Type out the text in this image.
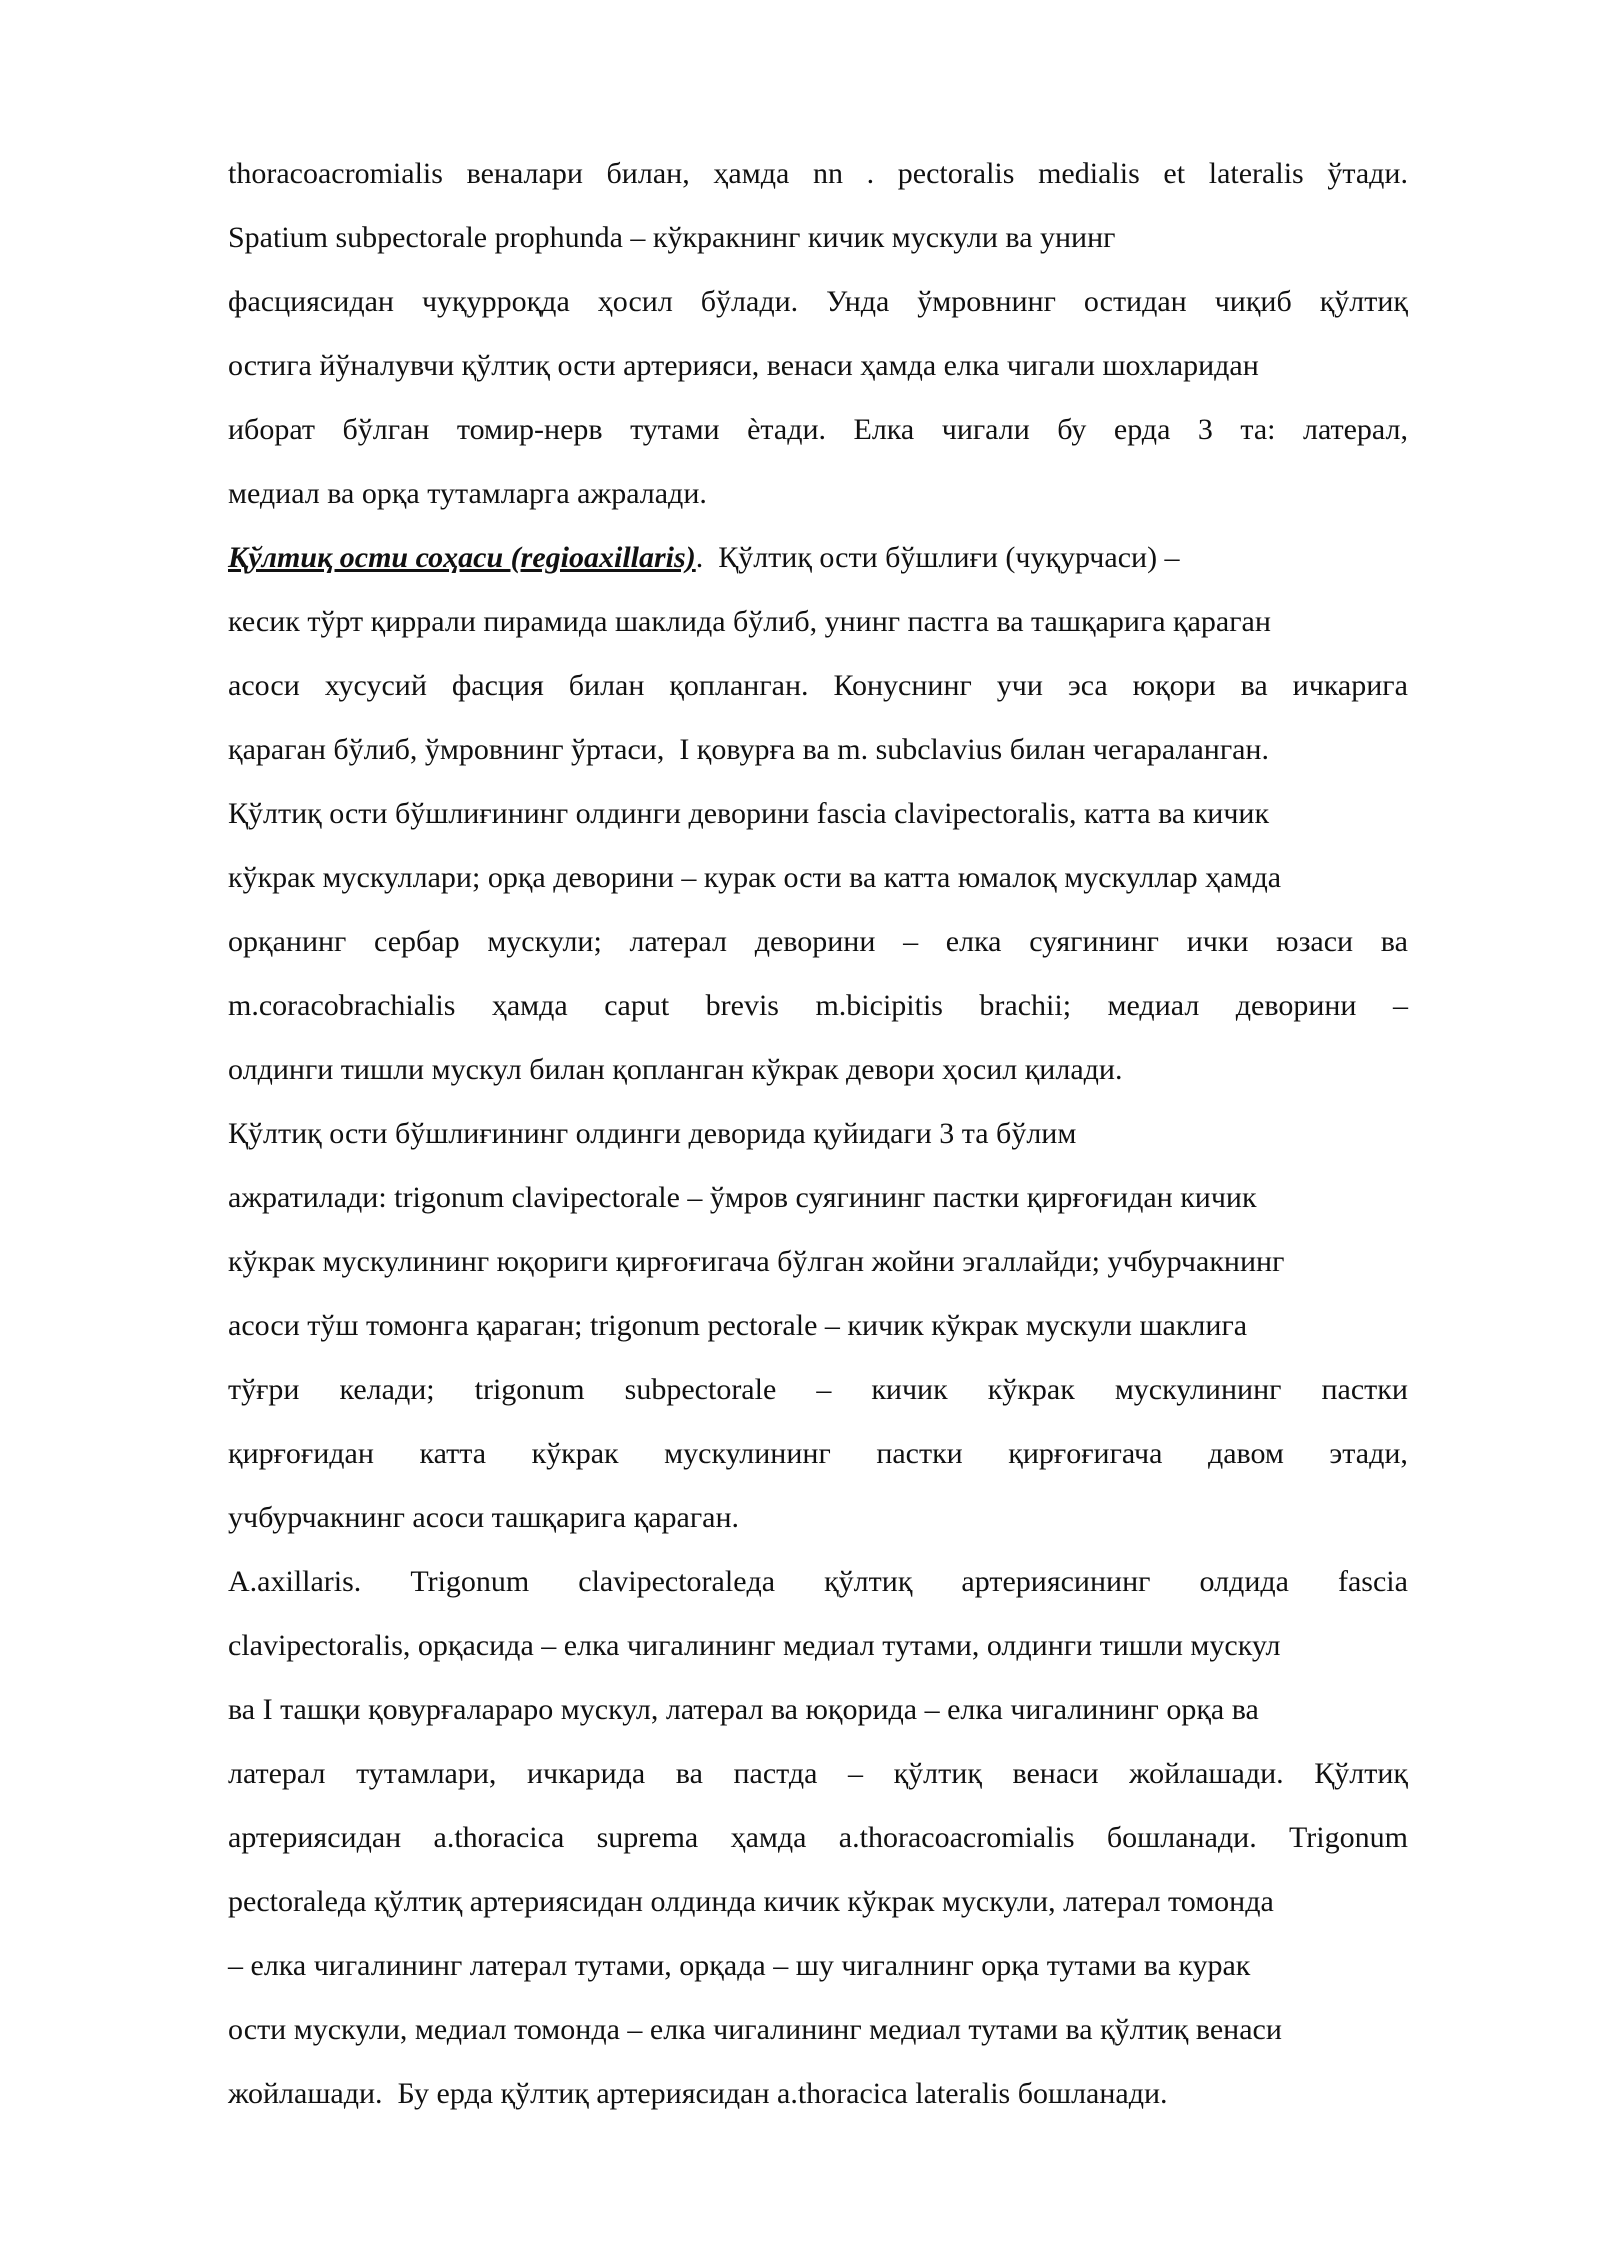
thoracoacromialis веналари билан, ҳамда nn . pectoralis medialis et lateralis ўтади.
Spatium subpectorale prophunda – кўкракнинг кичик мускули ва унинг
фасциясидан чуқурроқда ҳосил бўлади. Унда ўмровнинг остидан чиқиб қўлтиқ
остига йўналувчи қўлтиқ ости артерияси, венаси ҳамда елка чигали шохларидан
иборат бўлган томир-нерв тутами ѐтади. Елка чигали бу ерда 3 та: латерал,
медиал ва орқа тутамларга ажралади.
Қўлтиқ ости соҳаси (regioaxillaris) .  Қўлтиқ ости бўшлиғи (чуқурчаси) –
кесик тўрт қиррали пирамида шаклида бўлиб, унинг пастга ва ташқарига қараган
асоси хусусий фасция билан қопланган. Конуснинг учи эса юқори ва ичкарига
қараган бўлиб, ўмровнинг ўртаси,  I қовурға ва m. subclavius билан чегараланган.
Қўлтиқ ости бўшлиғининг олдинги деворини fascia clavipectoralis, катта ва кичик
кўкрак мускуллари; орқа деворини – курак ости ва катта юмалоқ мускуллар ҳамда
орқанинг сербар мускули; латерал деворини – елка суягининг ички юзаси ва
m.coracobrachialis ҳамда caput brevis m.bicipitis brachii; медиал деворини –
олдинги тишли мускул билан қопланган кўкрак девори ҳосил қилади.
Қўлтиқ ости бўшлиғининг олдинги деворида қуйидаги 3 та бўлим
ажратилади: trigonum clavipectorale – ўмров суягининг пастки қирғоғидан кичик
кўкрак мускулининг юқориги қирғоғигача бўлган жойни эгаллайди; учбурчакнинг
асоси тўш томонга қараган; trigonum pectorale – кичик кўкрак мускули шаклига
тўғри келади; trigonum subpectorale – кичик кўкрак мускулининг пастки
қирғоғидан катта кўкрак мускулининг пастки қирғоғигача давом этади,
учбурчакнинг асоси ташқарига қараган.
A.axillaris. Trigonum clavipectoraleда қўлтиқ артериясининг олдида fascia
clavipectoralis, орқасида – елка чигалининг медиал тутами, олдинги тишли мускул
ва I ташқи қовурғалараро мускул, латерал ва юқорида – елка чигалининг орқа ва
латерал тутамлари, ичкарида ва пастда – қўлтиқ венаси жойлашади. Қўлтиқ
артериясидан a.thoracica suprema ҳамда a.thoracoacromialis бошланади. Trigonum
pectoraleда қўлтиқ артериясидан олдинда кичик кўкрак мускули, латерал томонда
– елка чигалининг латерал тутами, орқада – шу чигалнинг орқа тутами ва курак
ости мускули, медиал томонда – елка чигалининг медиал тутами ва қўлтиқ венаси
жойлашади.  Бу ерда қўлтиқ артериясидан a.thoracica lateralis бошланади.
